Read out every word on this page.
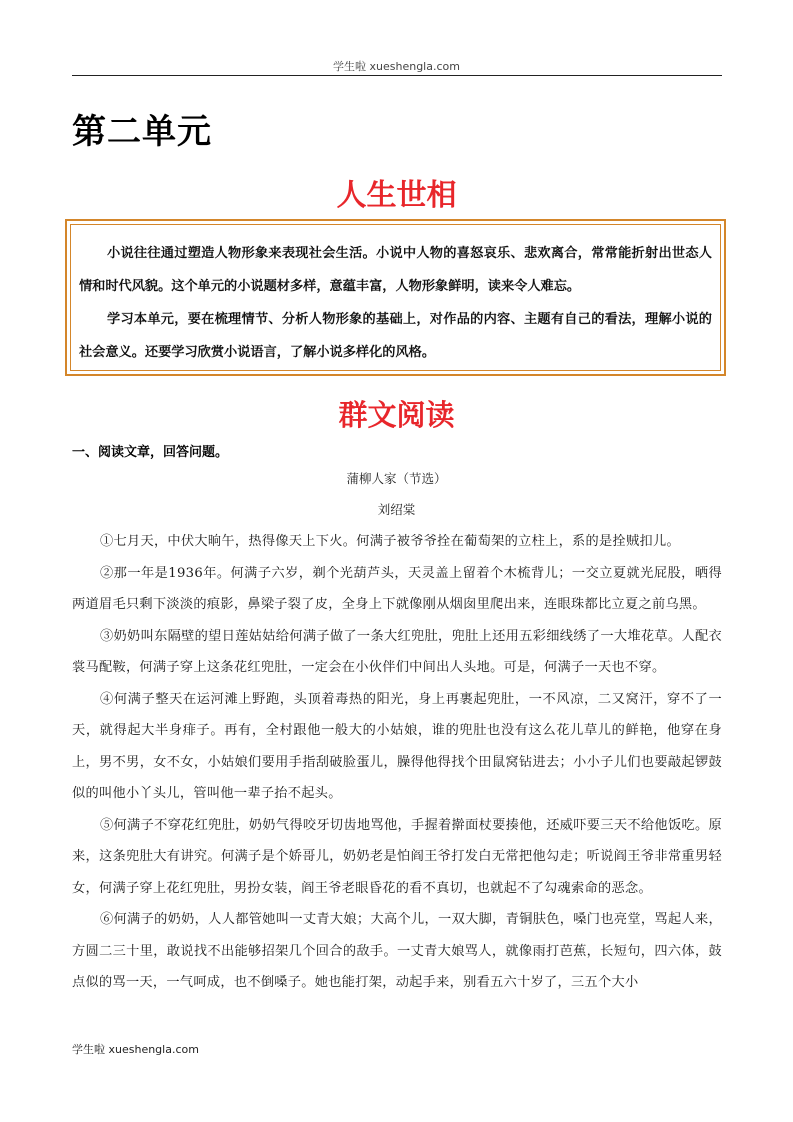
学生啦 xueshengla.com
第二单元
人生世相

小说往往通过塑造人物形象来表现社会生活。小说中人物的喜怒哀乐、悲欢离合，常常能折射出世态人情和时代风貌。这个单元的小说题材多样，意蕴丰富，人物形象鲜明，读来令人难忘。

学习本单元，要在梳理情节、分析人物形象的基础上，对作品的内容、主题有自己的看法，理解小说的社会意义。还要学习欣赏小说语言，了解小说多样化的风格。

群文阅读
一、阅读文章，回答问题。
蒲柳人家（节选）
刘绍棠

①七月天，中伏大晌午，热得像天上下火。何满子被爷爷拴在葡萄架的立柱上，系的是拴贼扣儿。

②那一年是1936年。何满子六岁，剃个光葫芦头，天灵盖上留着个木梳背儿；一交立夏就光屁股，晒得两道眉毛只剩下淡淡的痕影，鼻梁子裂了皮，全身上下就像刚从烟囱里爬出来，连眼珠都比立夏之前乌黑。

③奶奶叫东隔壁的望日莲姑姑给何满子做了一条大红兜肚，兜肚上还用五彩细线绣了一大堆花草。人配衣裳马配鞍，何满子穿上这条花红兜肚，一定会在小伙伴们中间出人头地。可是，何满子一天也不穿。

④何满子整天在运河滩上野跑，头顶着毒热的阳光，身上再裹起兜肚，一不风凉，二又窝汗，穿不了一天，就得起大半身痱子。再有，全村跟他一般大的小姑娘，谁的兜肚也没有这么花儿草儿的鲜艳，他穿在身上，男不男，女不女，小姑娘们要用手指刮破脸蛋儿，臊得他得找个田鼠窝钻进去；小小子儿们也要敲起锣鼓似的叫他小丫头儿，管叫他一辈子抬不起头。

⑤何满子不穿花红兜肚，奶奶气得咬牙切齿地骂他，手握着擀面杖要揍他，还威吓要三天不给他饭吃。原来，这条兜肚大有讲究。何满子是个娇哥儿，奶奶老是怕阎王爷打发白无常把他勾走；听说阎王爷非常重男轻女，何满子穿上花红兜肚，男扮女装，阎王爷老眼昏花的看不真切，也就起不了勾魂索命的恶念。

⑥何满子的奶奶，人人都管她叫一丈青大娘；大高个儿，一双大脚，青铜肤色，嗓门也亮堂，骂起人来，方圆二三十里，敢说找不出能够招架几个回合的敌手。一丈青大娘骂人，就像雨打芭蕉，长短句，四六体，鼓点似的骂一天，一气呵成，也不倒嗓子。她也能打架，动起手来，别看五六十岁了，三五个大小

学生啦 xueshengla.com
